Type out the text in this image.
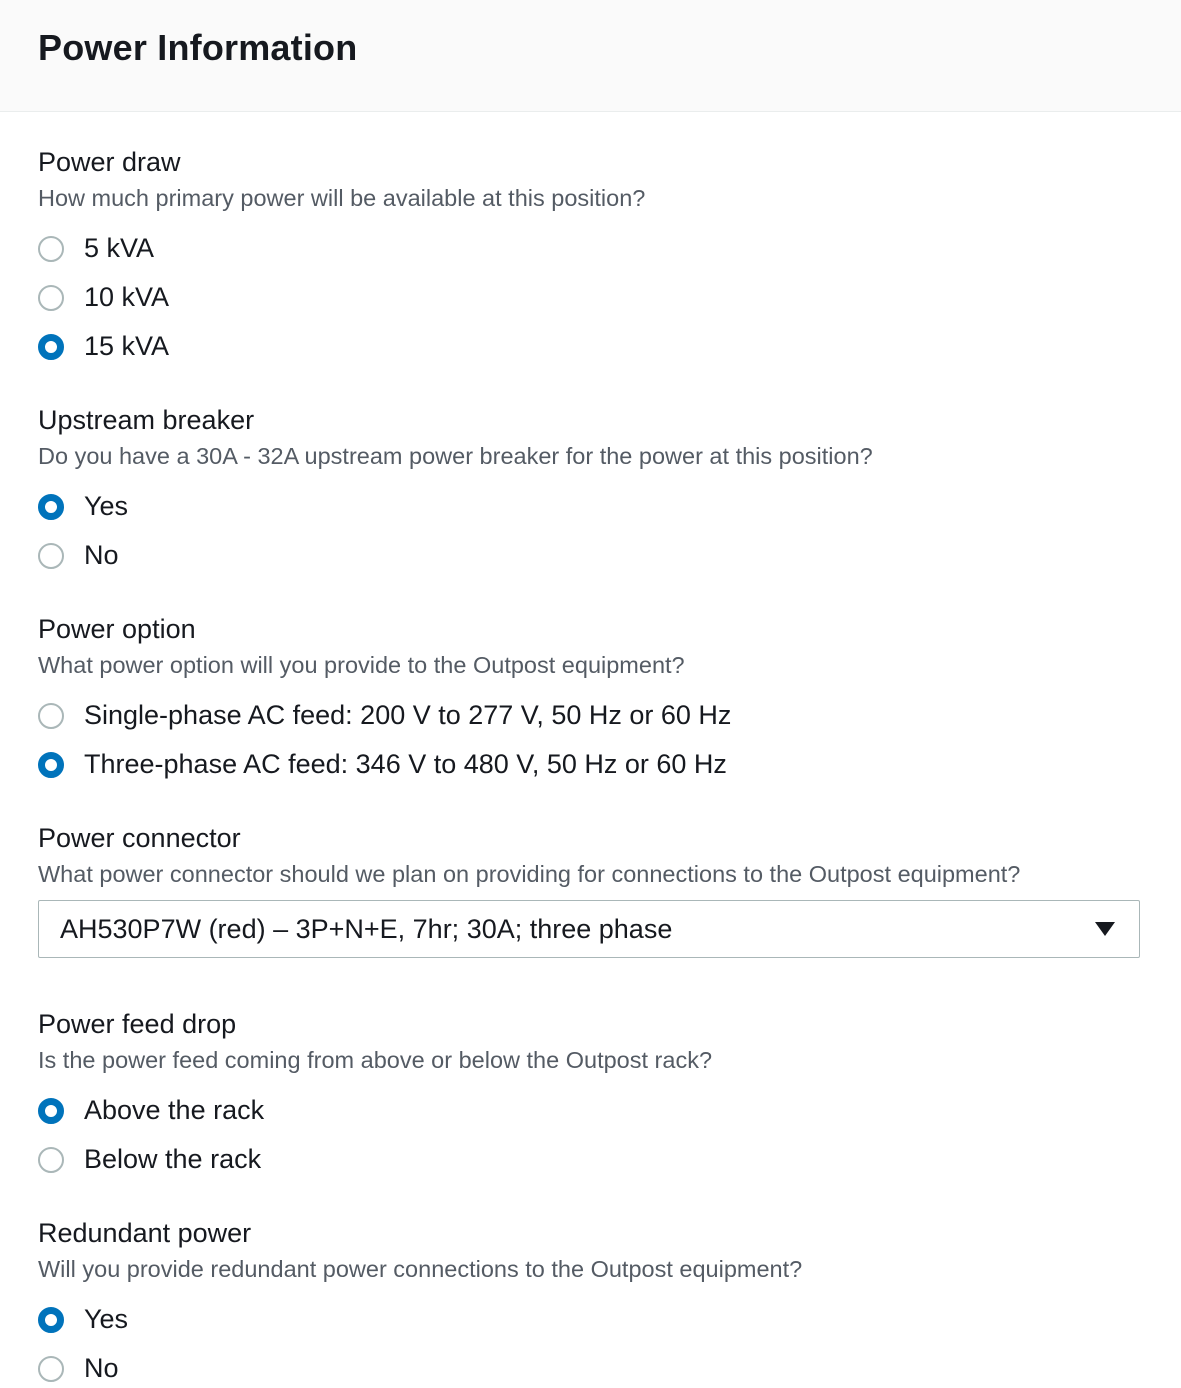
Power Information
Power draw
How much primary power will be available at this position?
5 kVA
10 kVA
15 kVA
Upstream breaker
Do you have a 30A - 32A upstream power breaker for the power at this position?
Yes
No
Power option
What power option will you provide to the Outpost equipment?
Single-phase AC feed: 200 V to 277 V, 50 Hz or 60 Hz
Three-phase AC feed: 346 V to 480 V, 50 Hz or 60 Hz
Power connector
What power connector should we plan on providing for connections to the Outpost equipment?
AH530P7W (red) – 3P+N+E, 7hr; 30A; three phase
Power feed drop
Is the power feed coming from above or below the Outpost rack?
Above the rack
Below the rack
Redundant power
Will you provide redundant power connections to the Outpost equipment?
Yes
No
